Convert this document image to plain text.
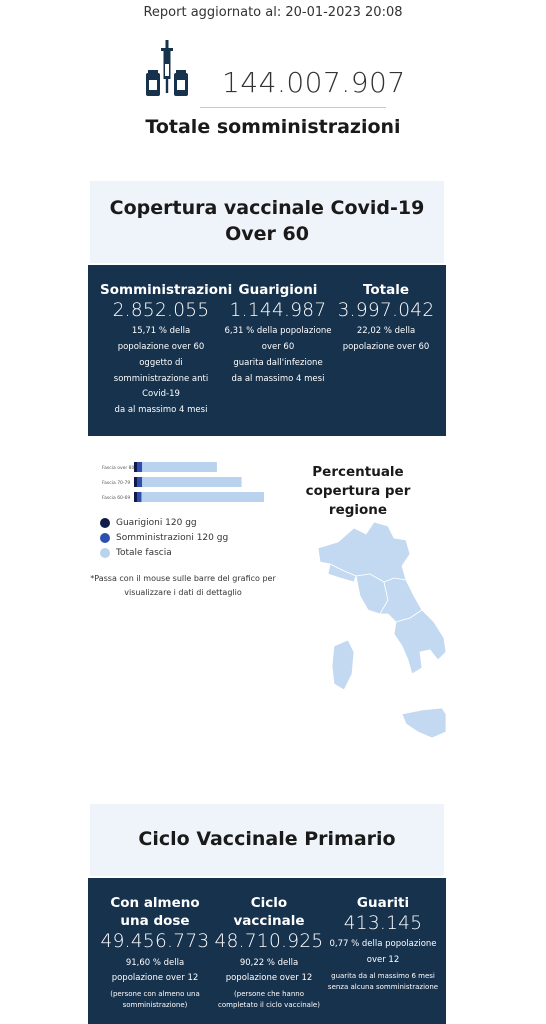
Report aggiornato al: 20-01-2023 20:08
144.007.907
Totale somministrazioni
Copertura vaccinale Covid-19
Over 60
Somministrazioni
2.852.055
15,71 % della
popolazione over 60
oggetto di
somministrazione anti
Covid-19
da al massimo 4 mesi
Guarigioni
1.144.987
6,31 % della popolazione
over 60
guarita dall'infezione
da al massimo 4 mesi
Totale
3.997.042
22,02 % della
popolazione over 60
Fascia over 80
Fascia 70-79
Fascia 60-69
Guarigioni 120 gg
Somministrazioni 120 gg
Totale fascia
*Passa con il mouse sulle barre del grafico per visualizzare i dati di dettaglio
Percentuale
copertura per regione
Ciclo Vaccinale Primario
Con almeno
una dose
49.456.773
91,60 % della
popolazione over 12
(persone con almeno una
somministrazione)
Ciclo
vaccinale
48.710.925
90,22 % della
popolazione over 12
(persone che hanno
completato il ciclo vaccinale)
Guariti
413.145
0,77 % della popolazione
over 12
guarita da al massimo 6 mesi
senza alcuna somministrazione
